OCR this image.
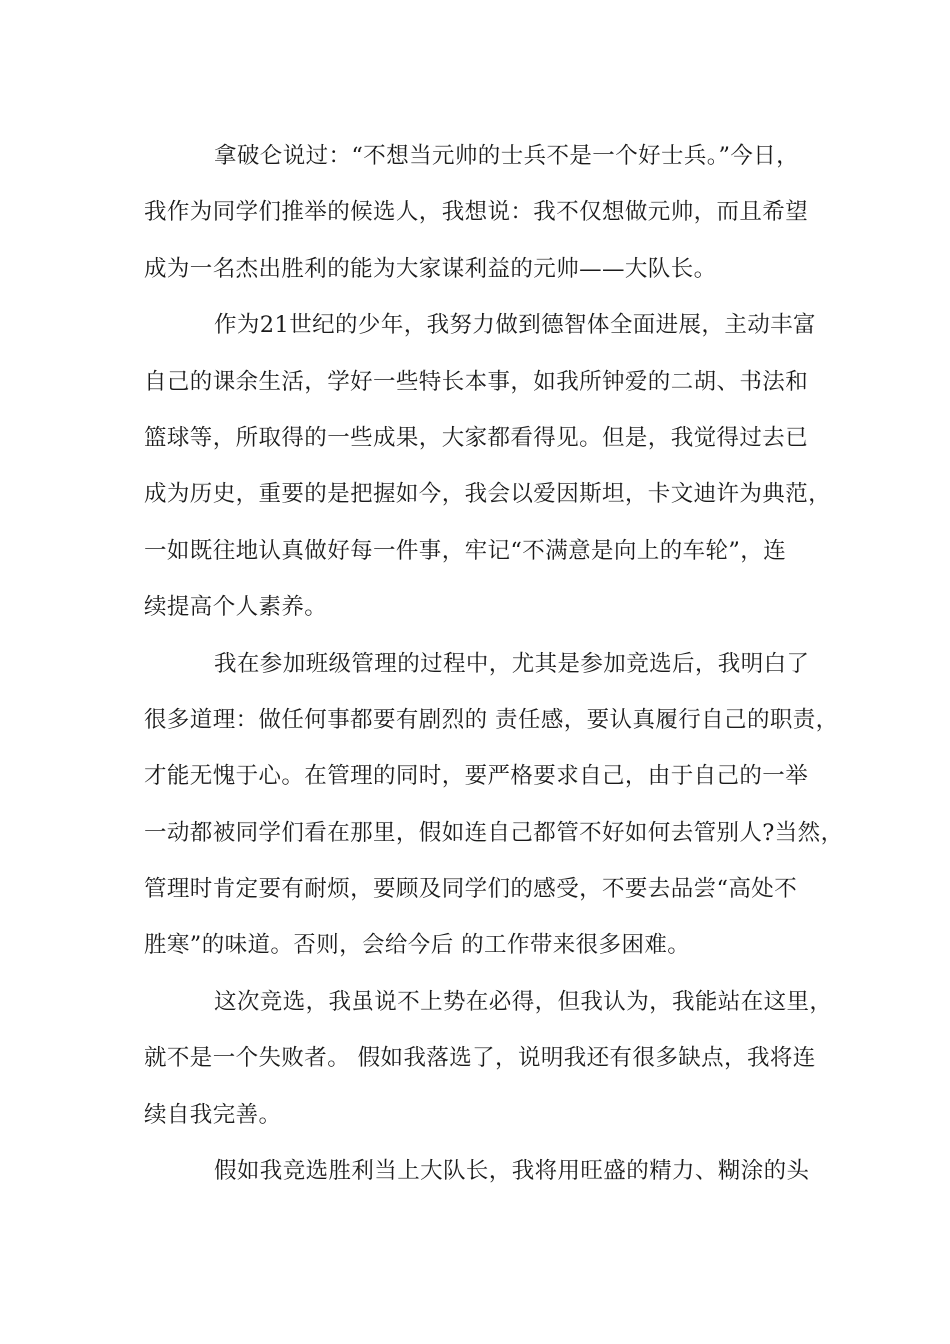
拿破仑说过：“不想当元帅的士兵不是一个好士兵。”今日，
我作为同学们推举的候选人，我想说：我不仅想做元帅，而且希望
成为一名杰出胜利的能为大家谋利益的元帅——大队长。

作为21世纪的少年，我努力做到德智体全面进展，主动丰富
自己的课余生活，学好一些特长本事，如我所钟爱的二胡、书法和
篮球等，所取得的一些成果，大家都看得见。但是，我觉得过去已
成为历史，重要的是把握如今，我会以爱因斯坦，卡文迪许为典范，
一如既往地认真做好每一件事，牢记“不满意是向上的车轮”，连
续提高个人素养。

我在参加班级管理的过程中，尤其是参加竞选后，我明白了
很多道理：做任何事都要有剧烈的 责任感，要认真履行自己的职责，
才能无愧于心。在管理的同时，要严格要求自己，由于自己的一举
一动都被同学们看在那里，假如连自己都管不好如何去管别人?当然，
管理时肯定要有耐烦，要顾及同学们的感受，不要去品尝“高处不
胜寒”的味道。否则，会给今后 的工作带来很多困难。

这次竞选，我虽说不上势在必得，但我认为，我能站在这里，
就不是一个失败者。 假如我落选了，说明我还有很多缺点，我将连
续自我完善。

假如我竞选胜利当上大队长，我将用旺盛的精力、糊涂的头
